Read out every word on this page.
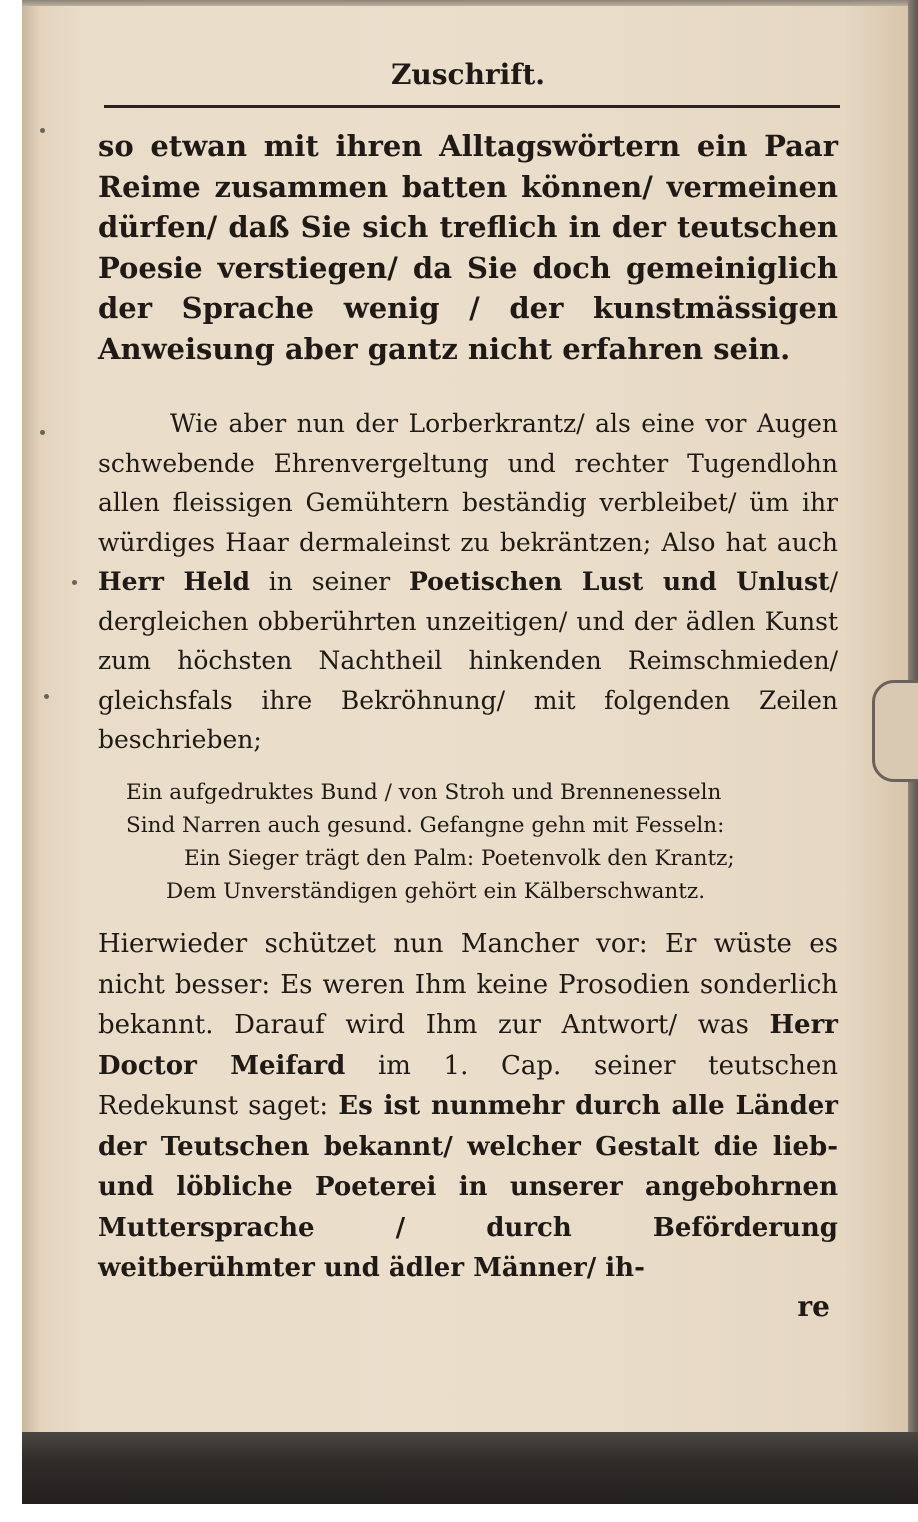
Zuschrift.
so etwan mit ihren Alltagswörtern ein Paar Reime zusammen batten können/ vermeinen dürfen/ daß Sie sich treflich in der teutschen Poesie verstiegen/ da Sie doch gemeiniglich der Sprache wenig / der kunstmässigen Anweisung aber gantz nicht erfahren sein.
Wie aber nun der Lorberkrantz/ als eine vor Augen schwebende Ehrenvergeltung und rechter Tugendlohn allen fleissigen Gemühtern beständig verbleibet/ üm ihr würdiges Haar dermaleinst zu bekräntzen; Also hat auch Herr Held in seiner Poetischen Lust und Unlust/ dergleichen obberührten unzeitigen/ und der ädlen Kunst zum höchsten Nachtheil hinkenden Reimschmieden/ gleichsfals ihre Bekröhnung/ mit folgenden Zeilen beschrieben;
Ein aufgedruktes Bund / von Stroh und Brennenesseln
Sind Narren auch gesund. Gefangne gehn mit Fesseln:
Ein Sieger trägt den Palm: Poetenvolk den Krantz;
Dem Unverständigen gehört ein Kälberschwantz.
Hierwieder schützet nun Mancher vor: Er wüste es nicht besser: Es weren Ihm keine Prosodien sonderlich bekannt. Darauf wird Ihm zur Antwort/ was Herr Doctor Meifard im 1. Cap. seiner teutschen Redekunst saget: Es ist nunmehr durch alle Länder der Teutschen bekannt/ welcher Gestalt die lieb- und löbliche Poeterei in unserer angebohrnen Muttersprache / durch Beförderung weitberühmter und ädler Männer/ ih-
re
